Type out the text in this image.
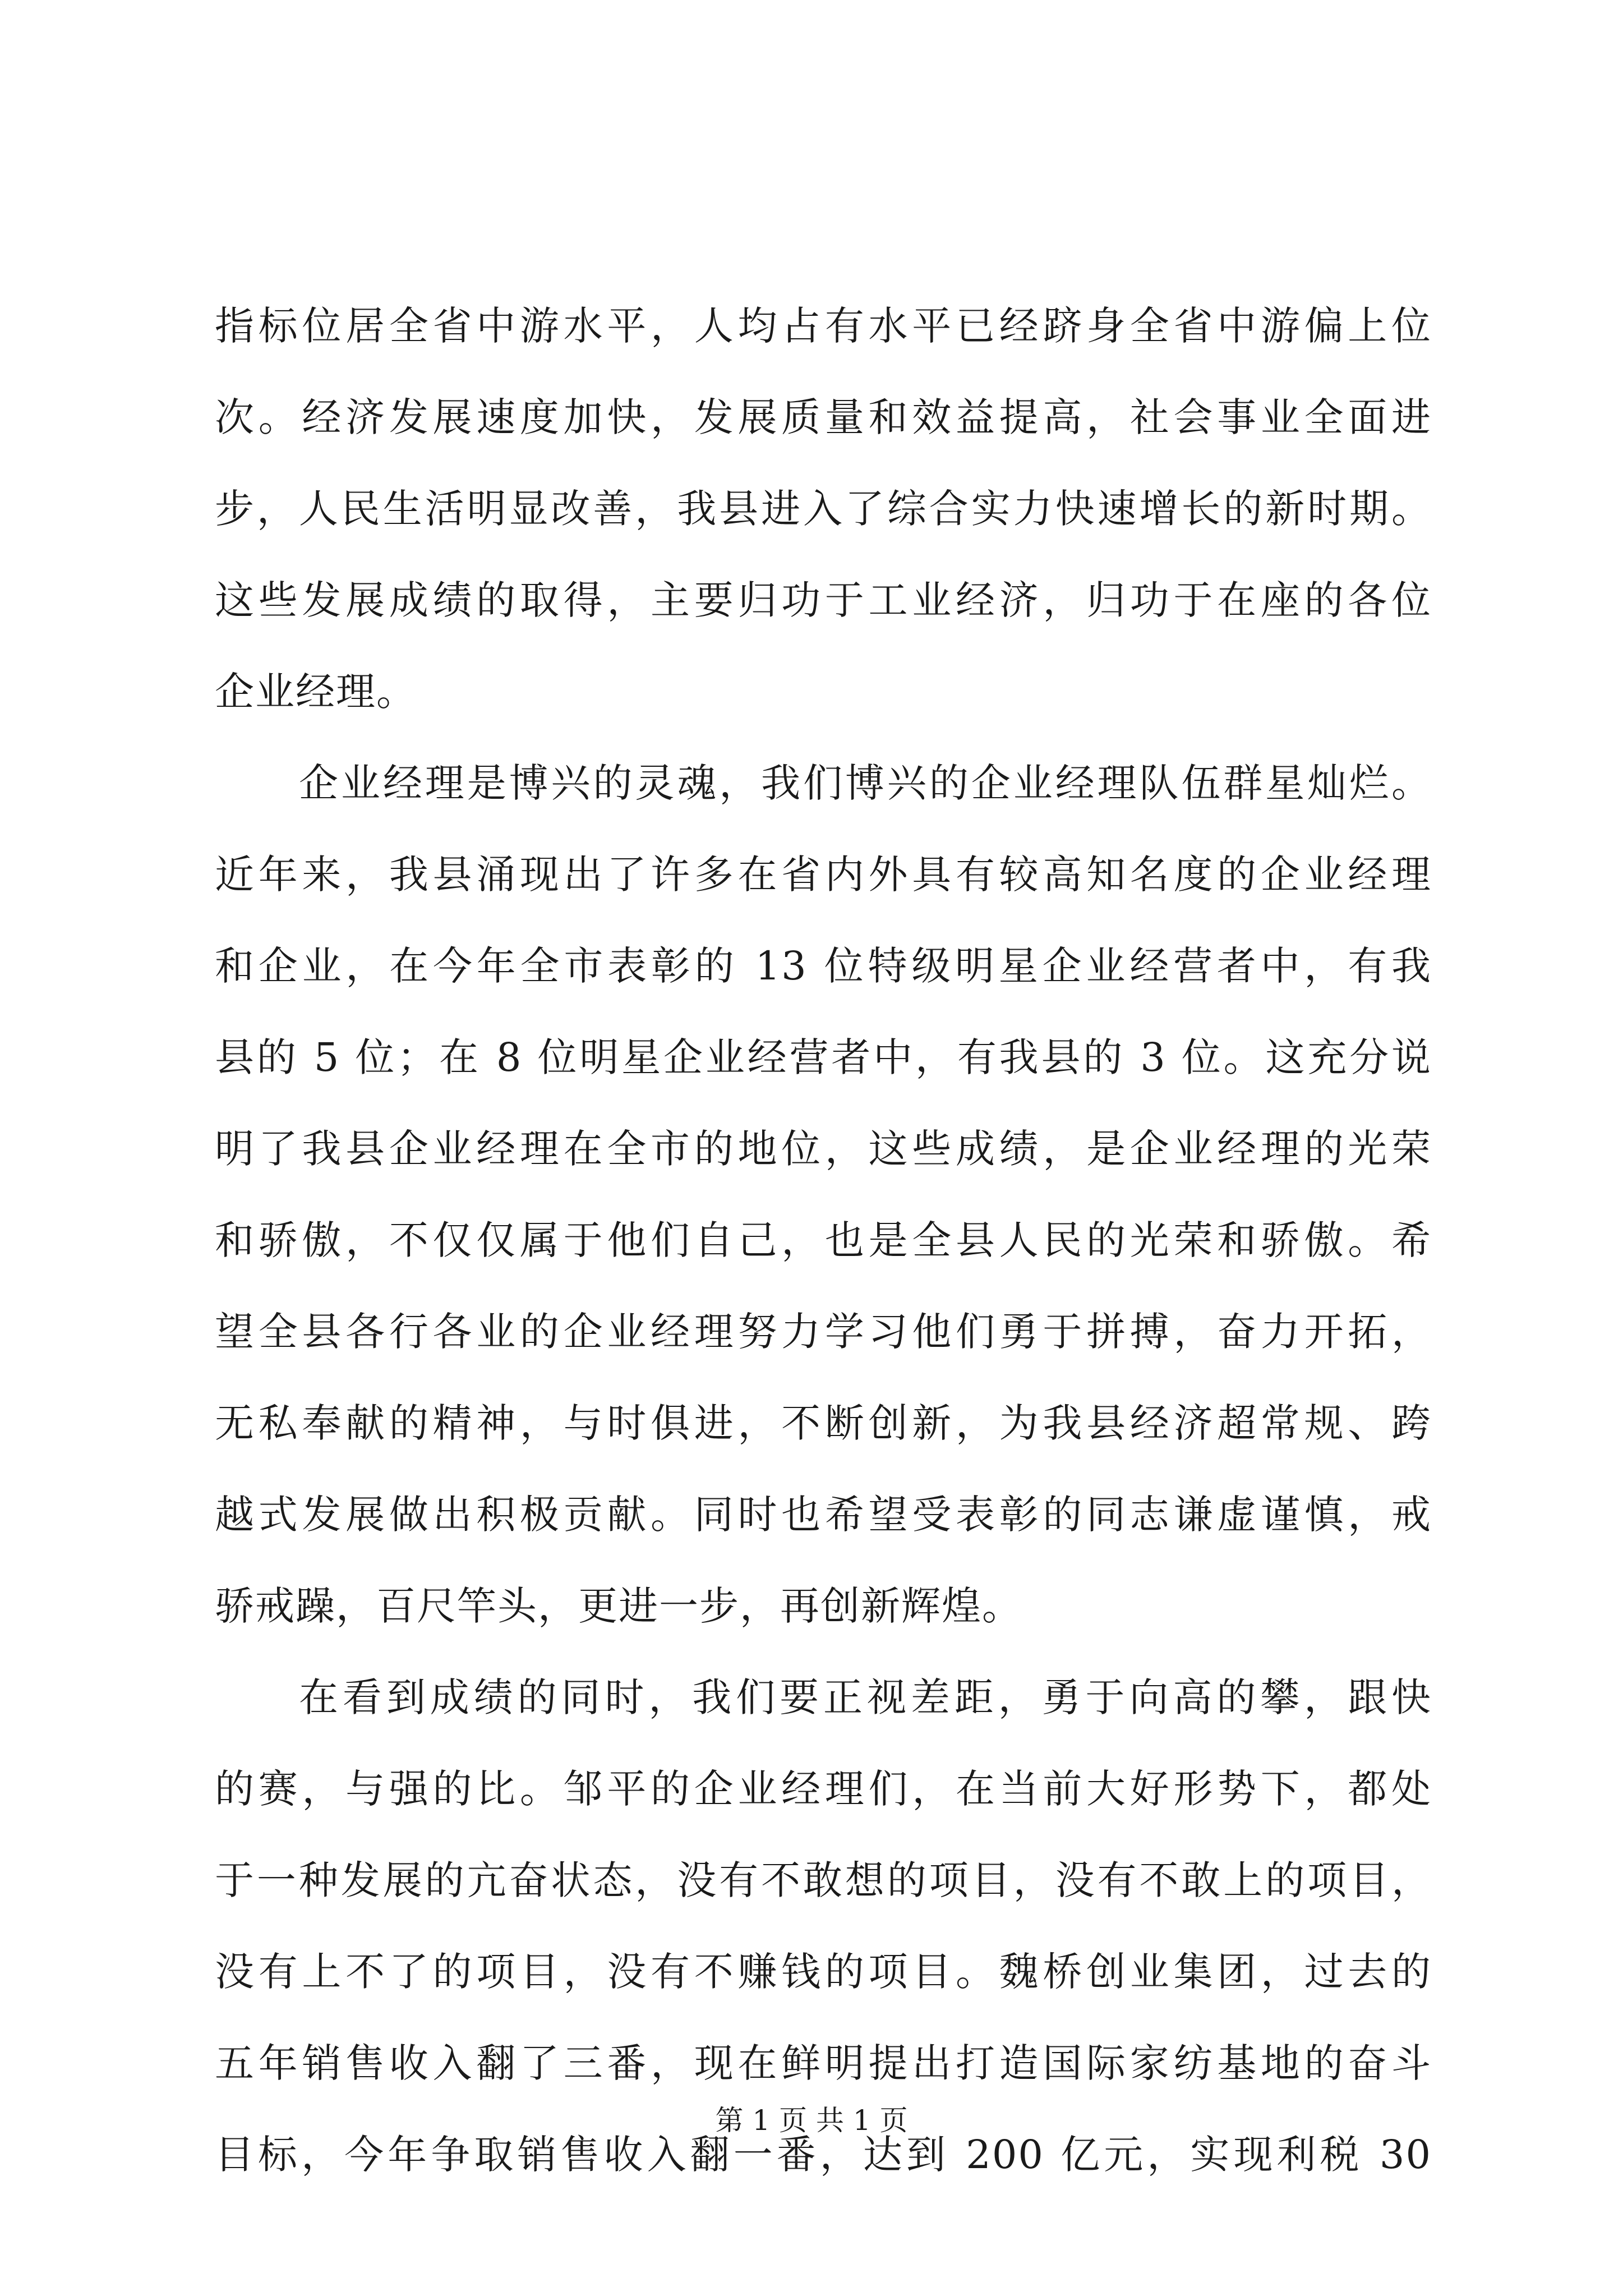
指标位居全省中游水平，人均占有水平已经跻身全省中游偏上位
次。经济发展速度加快，发展质量和效益提高，社会事业全面进
步，人民生活明显改善，我县进入了综合实力快速增长的新时期。
这些发展成绩的取得，主要归功于工业经济，归功于在座的各位
企业经理。
企业经理是博兴的灵魂，我们博兴的企业经理队伍群星灿烂。
近年来，我县涌现出了许多在省内外具有较高知名度的企业经理
和企业，在今年全市表彰的 13 位特级明星企业经营者中，有我
县的 5 位；在 8 位明星企业经营者中，有我县的 3 位。这充分说
明了我县企业经理在全市的地位，这些成绩，是企业经理的光荣
和骄傲，不仅仅属于他们自己，也是全县人民的光荣和骄傲。希
望全县各行各业的企业经理努力学习他们勇于拼搏，奋力开拓，
无私奉献的精神，与时俱进，不断创新，为我县经济超常规、跨
越式发展做出积极贡献。同时也希望受表彰的同志谦虚谨慎，戒
骄戒躁，百尺竿头，更进一步，再创新辉煌。
在看到成绩的同时，我们要正视差距，勇于向高的攀，跟快
的赛，与强的比。邹平的企业经理们，在当前大好形势下，都处
于一种发展的亢奋状态，没有不敢想的项目，没有不敢上的项目，
没有上不了的项目，没有不赚钱的项目。魏桥创业集团，过去的
五年销售收入翻了三番，现在鲜明提出打造国际家纺基地的奋斗
目标，今年争取销售收入翻一番，达到 200 亿元，实现利税 30
第 1 页 共 1 页
